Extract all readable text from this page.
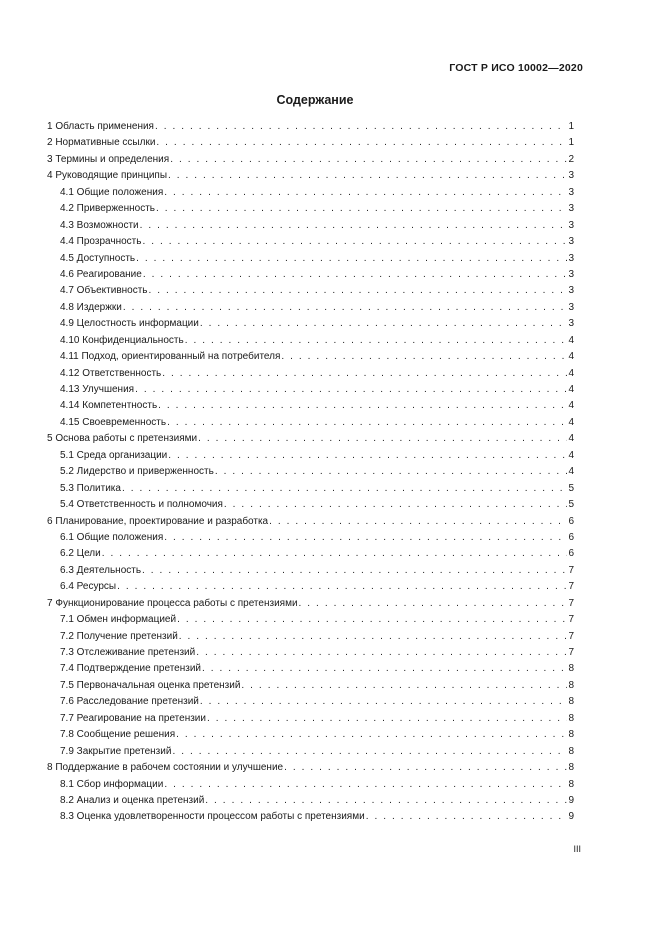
ГОСТ Р ИСО 10002—2020
Содержание
1 Область применения . . .	1
2 Нормативные ссылки . . .	1
3 Термины и определения . . .	2
4 Руководящие принципы . . .	3
4.1 Общие положения . . .	3
4.2 Приверженность . . .	3
4.3 Возможности . . .	3
4.4 Прозрачность . . .	3
4.5 Доступность . . .	3
4.6 Реагирование . . .	3
4.7 Объективность . . .	3
4.8 Издержки . . .	3
4.9 Целостность информации . . .	3
4.10 Конфиденциальность . . .	4
4.11 Подход, ориентированный на потребителя . . .	4
4.12 Ответственность . . .	4
4.13 Улучшения . . .	4
4.14 Компетентность . . .	4
4.15 Своевременность . . .	4
5 Основа работы с претензиями . . .	4
5.1 Среда организации . . .	4
5.2 Лидерство и приверженность . . .	4
5.3 Политика . . .	5
5.4 Ответственность и полномочия . . .	5
6 Планирование, проектирование и разработка . . .	6
6.1 Общие положения . . .	6
6.2 Цели . . .	6
6.3 Деятельность . . .	7
6.4 Ресурсы . . .	7
7 Функционирование процесса работы с претензиями . . .	7
7.1 Обмен информацией . . .	7
7.2 Получение претензий . . .	7
7.3 Отслеживание претензий . . .	7
7.4 Подтверждение претензий . . .	8
7.5 Первоначальная оценка претензий . . .	8
7.6 Расследование претензий . . .	8
7.7 Реагирование на претензии . . .	8
7.8 Сообщение решения . . .	8
7.9 Закрытие претензий . . .	8
8 Поддержание в рабочем состоянии и улучшение . . .	8
8.1 Сбор информации . . .	8
8.2 Анализ и оценка претензий . . .	9
8.3 Оценка удовлетворенности процессом работы с претензиями . . .	9
III
